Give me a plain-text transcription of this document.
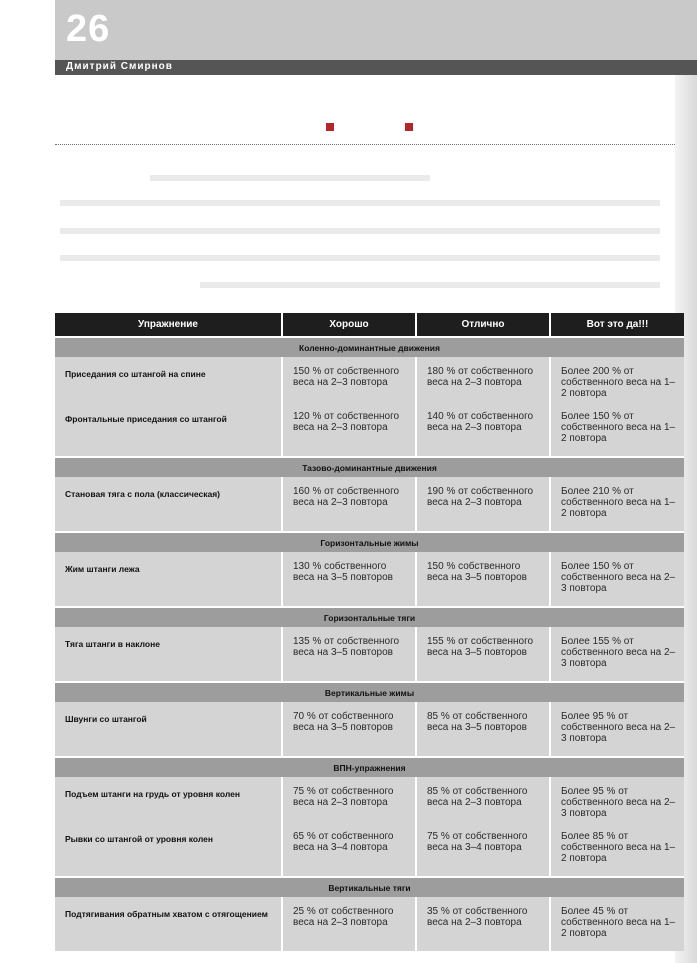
26
Дмитрий Смирнов
Упражнение	Хорошо	Отлично	Вот это да!!!
Коленно-доминантные движения			
Приседания со штангой на спине	150 % от собственного веса на 2–3 повтора	180 % от собственного веса на 2–3 повтора	Более 200 % от собственного веса на 1–2 повтора
Фронтальные приседания со штангой	120 % от собственного веса на 2–3 повтора	140 % от собственного веса на 2–3 повтора	Более 150 % от собственного веса на 1–2 повтора
Тазово-доминантные движения			
Становая тяга с пола (классическая)	160 % от собственного веса на 2–3 повтора	190 % от собственного веса на 2–3 повтора	Более 210 % от собственного веса на 1–2 повтора
Горизонтальные жимы			
Жим штанги лежа	130 % собственного веса на 3–5 повторов	150 % собственного веса на 3–5 повторов	Более 150 % от собственного веса на 2–3 повтора
Горизонтальные тяги			
Тяга штанги в наклоне	135 % от собственного веса на 3–5 повторов	155 % от собственного веса на 3–5 повторов	Более 155 % от собственного веса на 2–3 повтора
Вертикальные жимы			
Швунги со штангой	70 % от собственного веса на 3–5 повторов	85 % от собственного веса на 3–5 повторов	Более 95 % от собственного веса на 2–3 повтора
ВПН-упражнения			
Подъем штанги на грудь от уровня колен	75 % от собственного веса на 2–3 повтора	85 % от собственного веса на 2–3 повтора	Более 95 % от собственного веса на 2–3 повтора
Рывки со штангой от уровня колен	65 % от собственного веса на 3–4 повтора	75 % от собственного веса на 3–4 повтора	Более 85 % от собственного веса на 1–2 повтора
Вертикальные тяги			
Подтягивания обратным хватом с отягощением	25 % от собственного веса на 2–3 повтора	35 % от собственного веса на 2–3 повтора	Более 45 % от собственного веса на 1–2 повтора
